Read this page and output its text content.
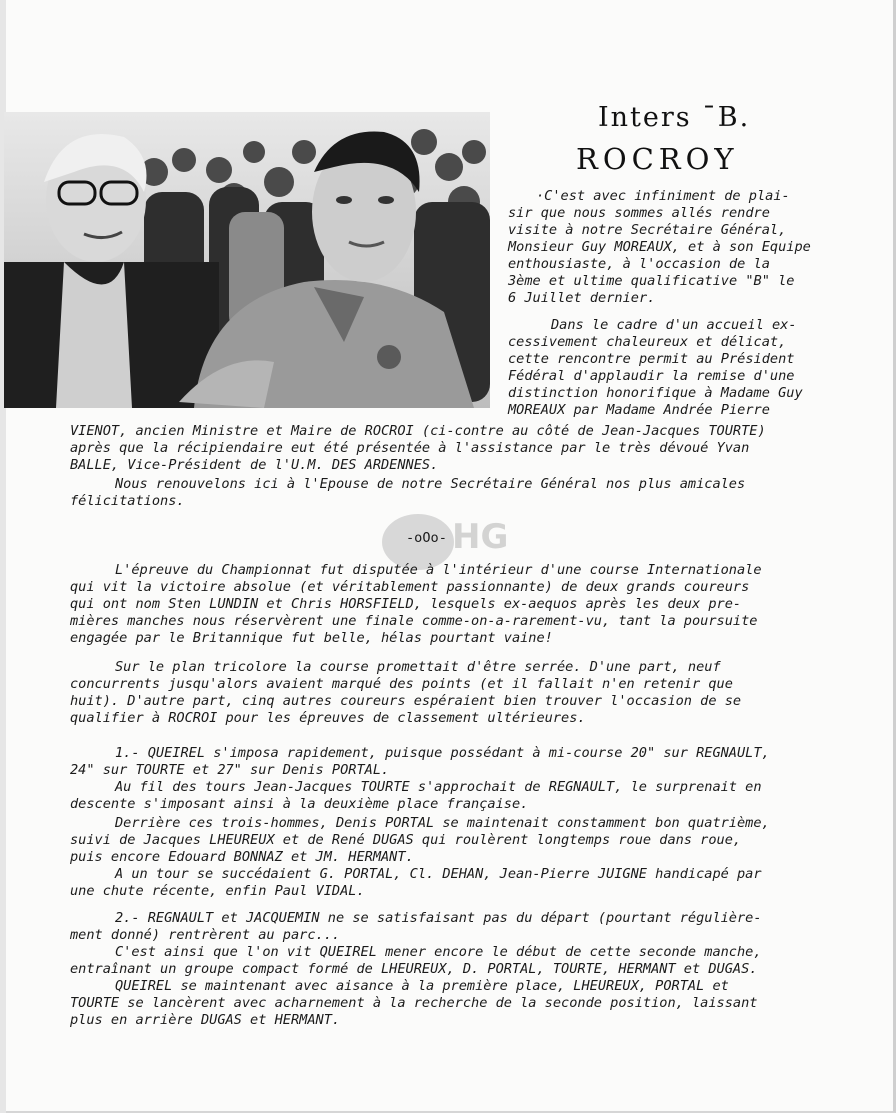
Inters ¯B.
ROCROY
·C'est avec infiniment de plai-
sir que nous sommes allés rendre
visite à notre Secrétaire Général,
Monsieur Guy MOREAUX, et à son Equipe
enthousiaste, à l'occasion de la
3ème et ultime qualificative "B" le
6 Juillet dernier.
Dans le cadre d'un accueil ex-
cessivement chaleureux et délicat,
cette rencontre permit au Président
Fédéral d'applaudir la remise d'une
distinction honorifique à Madame Guy
MOREAUX par Madame Andrée Pierre
VIENOT, ancien Ministre et Maire de ROCROI (ci-contre au côté de Jean-Jacques TOURTE)
après que la récipiendaire eut été présentée à l'assistance par le très dévoué Yvan
BALLE, Vice-Président de l'U.M. DES ARDENNES.
Nous renouvelons ici à l'Epouse de notre Secrétaire Général nos plus amicales
félicitations.
HG
-oOo-
L'épreuve du Championnat fut disputée à l'intérieur d'une course Internationale
qui vit la victoire absolue (et véritablement passionnante) de deux grands coureurs
qui ont nom Sten LUNDIN et Chris HORSFIELD, lesquels ex-aequos après les deux pre-
mières manches nous réservèrent une finale comme-on-a-rarement-vu, tant la poursuite
engagée par le Britannique fut belle, hélas pourtant vaine!
Sur le plan tricolore la course promettait d'être serrée. D'une part, neuf
concurrents jusqu'alors avaient marqué des points (et il fallait n'en retenir que
huit). D'autre part, cinq autres coureurs espéraient bien trouver l'occasion de se
qualifier à ROCROI pour les épreuves de classement ultérieures.
1.- QUEIREL s'imposa rapidement, puisque possédant à mi-course 20" sur REGNAULT,
24" sur TOURTE et 27" sur Denis PORTAL.
Au fil des tours Jean-Jacques TOURTE s'approchait de REGNAULT, le surprenait en
descente s'imposant ainsi à la deuxième place française.
Derrière ces trois-hommes, Denis PORTAL se maintenait constamment bon quatrième,
suivi de Jacques LHEUREUX et de René DUGAS qui roulèrent longtemps roue dans roue,
puis encore Edouard BONNAZ et JM. HERMANT.
A un tour se succédaient G. PORTAL, Cl. DEHAN, Jean-Pierre JUIGNE handicapé par
une chute récente, enfin Paul VIDAL.
2.- REGNAULT et JACQUEMIN ne se satisfaisant pas du départ (pourtant régulière-
ment donné) rentrèrent au parc...
C'est ainsi que l'on vit QUEIREL mener encore le début de cette seconde manche,
entraînant un groupe compact formé de LHEUREUX, D. PORTAL, TOURTE, HERMANT et DUGAS.
QUEIREL se maintenant avec aisance à la première place, LHEUREUX, PORTAL et
TOURTE se lancèrent avec acharnement à la recherche de la seconde position, laissant
plus en arrière DUGAS et HERMANT.
